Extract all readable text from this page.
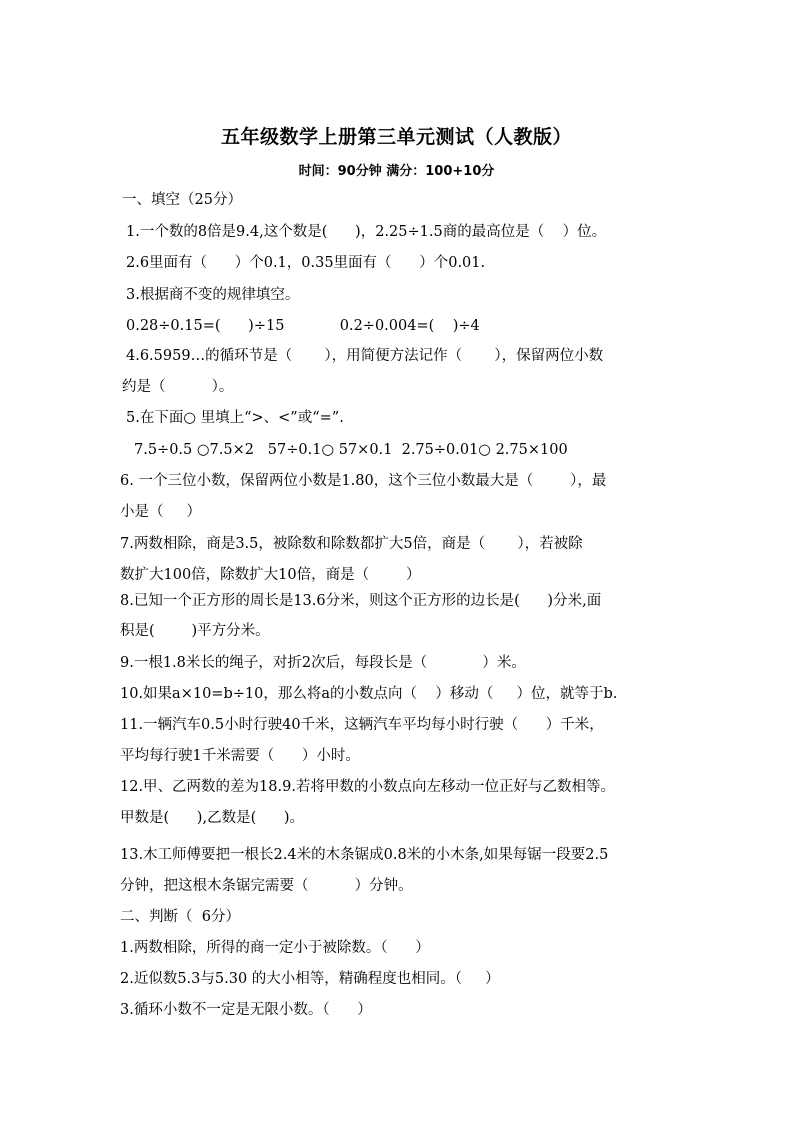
五年级数学上册第三单元测试（人教版）
时间：90分钟 满分：100+10分
一、填空（25分）
1.一个数的8倍是9.4,这个数是(      )，2.25÷1.5商的最高位是（    ）位。
2.6里面有（      ）个0.1，0.35里面有（      ）个0.01.
3.根据商不变的规律填空。
0.28÷0.15=(      )÷15            0.2÷0.004=(    )÷4
4.6.5959…的循环节是（       ），用简便方法记作（       ），保留两位小数
约是（          ）。
5.在下面○ 里填上“>、<”或“=”.
7.5÷0.5 ○7.5×2   57÷0.1○ 57×0.1  2.75÷0.01○ 2.75×100
6. 一个三位小数，保留两位小数是1.80，这个三位小数最大是（        ），最
小是（     ）
7.两数相除，商是3.5，被除数和除数都扩大5倍，商是（       ），若被除
数扩大100倍，除数扩大10倍，商是（        ）
8.已知一个正方形的周长是13.6分米，则这个正方形的边长是(      )分米,面
积是(        )平方分米。
9.一根1.8米长的绳子，对折2次后，每段长是（            ）米。
10.如果a×10=b÷10，那么将a的小数点向（    ）移动（     ）位，就等于b.
11.一辆汽车0.5小时行驶40千米，这辆汽车平均每小时行驶（      ）千米，
平均每行驶1千米需要（      ）小时。
12.甲、乙两数的差为18.9.若将甲数的小数点向左移动一位正好与乙数相等。
甲数是(      ),乙数是(      )。
13.木工师傅要把一根长2.4米的木条锯成0.8米的小木条,如果每锯一段要2.5
分钟，把这根木条锯完需要（          ）分钟。
二、判断（  6分）
1.两数相除，所得的商一定小于被除数。（      ）
2.近似数5.3与5.30 的大小相等，精确程度也相同。（     ）
3.循环小数不一定是无限小数。（      ）
